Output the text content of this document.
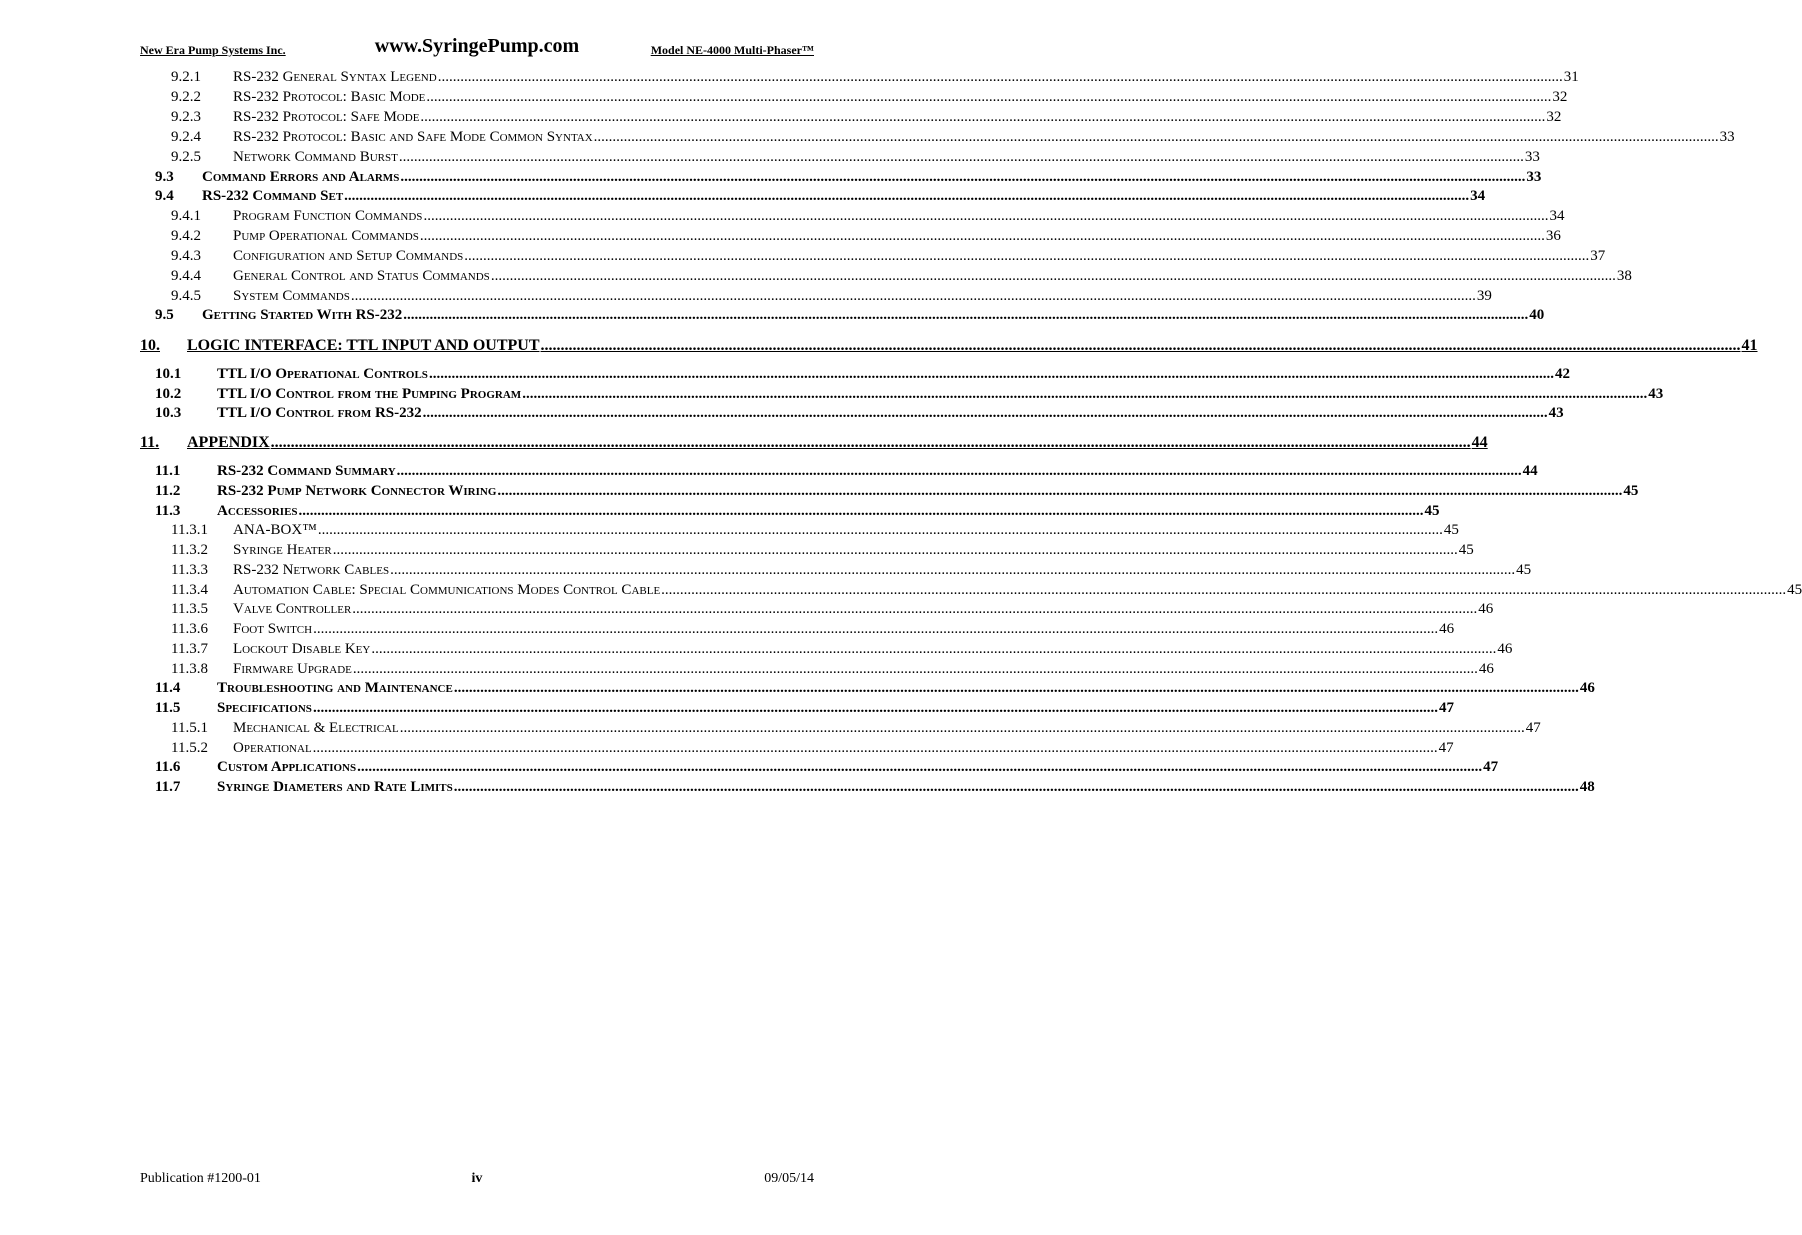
New Era Pump Systems Inc.	www.SyringePump.com	Model NE-4000 Multi-Phaser™
9.2.1	RS-232 General Syntax Legend ............................................................................................................................................................................................................................................................................................................ 31
9.2.2	RS-232 Protocol: Basic Mode ............................................................................................................................................................................................................................................................................................................ 32
9.2.3	RS-232 Protocol: Safe Mode ............................................................................................................................................................................................................................................................................................................ 32
9.2.4	RS-232 Protocol: Basic and Safe Mode Common Syntax ............................................................................................................................................................................................................................................................................................................ 33
9.2.5	Network Command Burst ............................................................................................................................................................................................................................................................................................................ 33
9.3	Command Errors and Alarms ............................................................................................................................................................................................................................................................................................................ 33
9.4	RS-232 Command Set ............................................................................................................................................................................................................................................................................................................ 34
9.4.1	Program Function Commands ............................................................................................................................................................................................................................................................................................................ 34
9.4.2	Pump Operational Commands ............................................................................................................................................................................................................................................................................................................ 36
9.4.3	Configuration and Setup Commands ............................................................................................................................................................................................................................................................................................................ 37
9.4.4	General Control and Status Commands ............................................................................................................................................................................................................................................................................................................ 38
9.4.5	System Commands ............................................................................................................................................................................................................................................................................................................ 39
9.5	Getting Started With RS-232 ............................................................................................................................................................................................................................................................................................................ 40
10.	LOGIC INTERFACE: TTL INPUT AND OUTPUT ............................................................................................................................................................................................................................................................................................................ 41
10.1	TTL I/O Operational Controls ............................................................................................................................................................................................................................................................................................................ 42
10.2	TTL I/O Control from the Pumping Program ............................................................................................................................................................................................................................................................................................................ 43
10.3	TTL I/O Control from RS-232 ............................................................................................................................................................................................................................................................................................................ 43
11.	APPENDIX ............................................................................................................................................................................................................................................................................................................ 44
11.1	RS-232 Command Summary ............................................................................................................................................................................................................................................................................................................ 44
11.2	RS-232 Pump Network Connector Wiring ............................................................................................................................................................................................................................................................................................................ 45
11.3	Accessories ............................................................................................................................................................................................................................................................................................................ 45
11.3.1	ANA-BOX™ ............................................................................................................................................................................................................................................................................................................ 45
11.3.2	Syringe Heater ............................................................................................................................................................................................................................................................................................................ 45
11.3.3	RS-232 Network Cables ............................................................................................................................................................................................................................................................................................................ 45
11.3.4	Automation Cable: Special Communications Modes Control Cable ............................................................................................................................................................................................................................................................................................................ 45
11.3.5	Valve Controller ............................................................................................................................................................................................................................................................................................................ 46
11.3.6	Foot Switch ............................................................................................................................................................................................................................................................................................................ 46
11.3.7	Lockout Disable Key ............................................................................................................................................................................................................................................................................................................ 46
11.3.8	Firmware Upgrade ............................................................................................................................................................................................................................................................................................................ 46
11.4	Troubleshooting and Maintenance ............................................................................................................................................................................................................................................................................................................ 46
11.5	Specifications ............................................................................................................................................................................................................................................................................................................ 47
11.5.1	Mechanical & Electrical ............................................................................................................................................................................................................................................................................................................ 47
11.5.2	Operational ............................................................................................................................................................................................................................................................................................................ 47
11.6	Custom Applications ............................................................................................................................................................................................................................................................................................................ 47
11.7	Syringe Diameters and Rate Limits ............................................................................................................................................................................................................................................................................................................ 48
Publication #1200-01	iv	09/05/14
